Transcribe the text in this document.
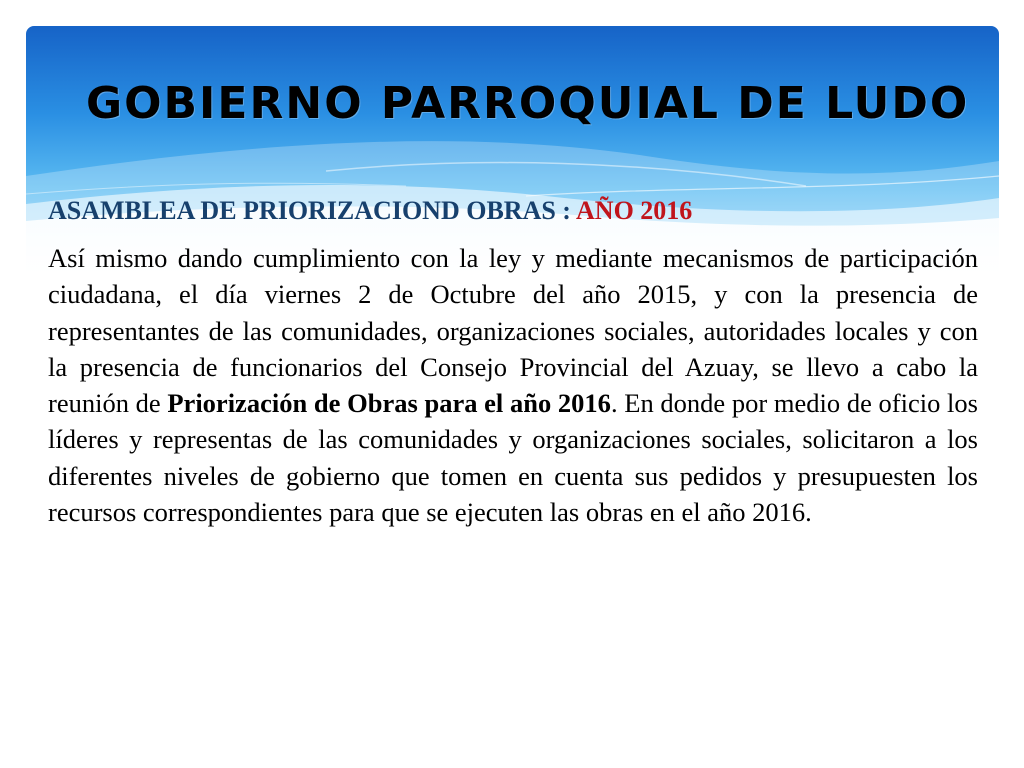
GOBIERNO PARROQUIAL DE LUDO

ASAMBLEA DE PRIORIZACIOND OBRAS : AÑO 2016

Así mismo dando cumplimiento con la ley y mediante mecanismos de participación ciudadana, el día viernes 2 de Octubre del año 2015, y con la presencia de representantes de las comunidades, organizaciones sociales, autoridades locales y con la presencia de funcionarios del Consejo Provincial del Azuay, se llevo a cabo la reunión de Priorización de Obras para el año 2016. En donde por medio de oficio los líderes y representas de las comunidades y organizaciones sociales, solicitaron a los diferentes niveles de gobierno que tomen en cuenta sus pedidos y presupuesten los recursos correspondientes para que se ejecuten las obras en el año 2016.
